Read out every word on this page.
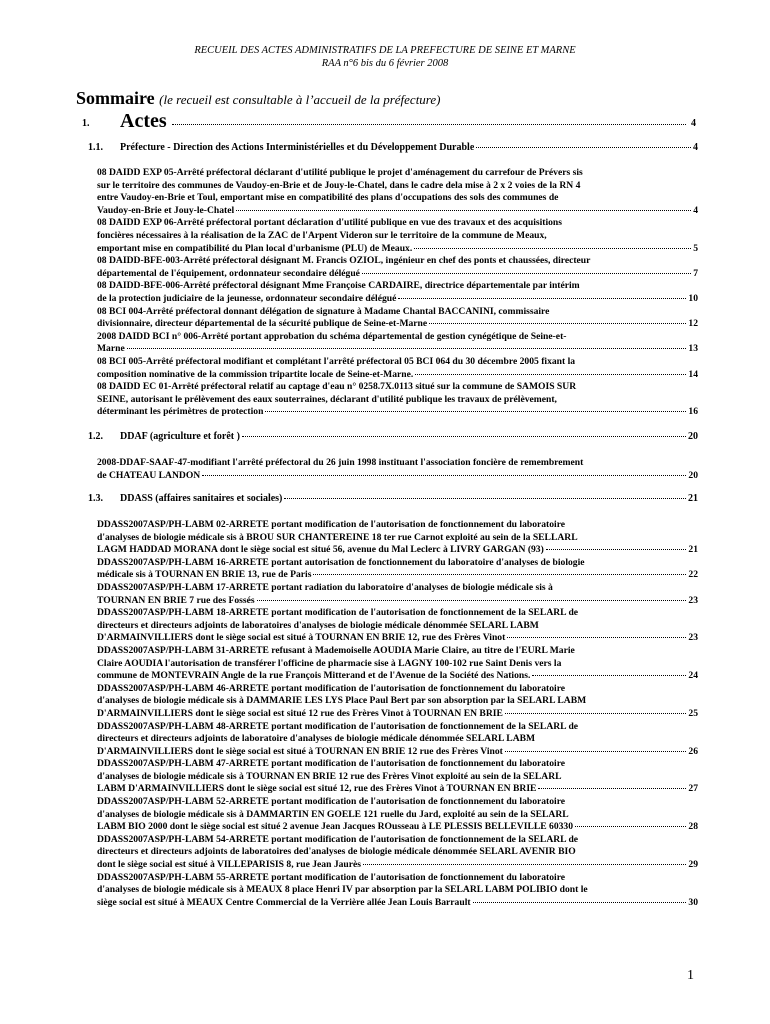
RECUEIL DES ACTES ADMINISTRATIFS DE LA PREFECTURE DE SEINE ET MARNE
RAA n°6 bis du 6 février 2008
Sommaire (le recueil est consultable à l’accueil de la préfecture)
1. Actes	4
1.1.	Préfecture - Direction des Actions Interministérielles et du Développement Durable	4
08 DAIDD EXP 05-Arrêté préfectoral déclarant d'utilité publique le projet d'aménagement du carrefour de Prévers sis
sur le territoire des communes de Vaudoy-en-Brie et de Jouy-le-Chatel, dans le cadre dela mise à 2 x 2 voies de la RN 4
entre Vaudoy-en-Brie et Toul, emportant mise en compatibilité des plans d'occupations des sols des communes de
Vaudoy-en-Brie et Jouy-le-Chatel	4
08 DAIDD EXP 06-Arrêté préfectoral portant déclaration d'utilité publique en vue des travaux et des acquisitions
foncières nécessaires à la réalisation de la ZAC de l'Arpent Videron sur le territoire de la commune de Meaux,
emportant mise en compatibilité du Plan local d'urbanisme (PLU) de Meaux.	5
08 DAIDD-BFE-003-Arrêté préfectoral désignant M. Francis OZIOL, ingénieur en chef des ponts et chaussées, directeur
départemental de l'équipement, ordonnateur secondaire délégué	7
08 DAIDD-BFE-006-Arrêté préfectoral désignant Mme Françoise CARDAIRE, directrice départementale par intérim
de la protection judiciaire de la jeunesse, ordonnateur secondaire délégué	10
08 BCI 004-Arrêté préfectoral donnant délégation de signature à Madame Chantal BACCANINI, commissaire
divisionnaire, directeur départemental de la sécurité publique de Seine-et-Marne	12
2008 DAIDD BCI n° 006-Arrêté portant approbation du schéma départemental de gestion cynégétique de Seine-et-
Marne	13
08 BCI 005-Arrêté préfectoral modifiant et complétant l'arrêté préfectoral 05 BCI 064 du 30 décembre 2005 fixant la
composition nominative de la commission tripartite locale de Seine-et-Marne.	14
08 DAIDD EC 01-Arrêté préfectoral relatif au captage d'eau n° 0258.7X.0113 situé sur la commune de SAMOIS SUR
SEINE, autorisant le prélèvement des eaux souterraines, déclarant d'utilité publique les travaux de prélèvement,
déterminant les périmètres de protection	16
1.2.	DDAF (agriculture et forêt )	20
2008-DDAF-SAAF-47-modifiant l'arrêté préfectoral du 26 juin 1998 instituant l'association foncière de remembrement
de CHATEAU LANDON	20
1.3.	DDASS (affaires sanitaires et sociales)	21
DDASS2007ASP/PH-LABM 02-ARRETE portant modification de l'autorisation de fonctionnement du laboratoire
d'analyses de biologie médicale sis à BROU SUR CHANTEREINE 18 ter rue Carnot exploité au sein de la SELLARL
LAGM HADDAD MORANA dont le siège social est situé 56, avenue du Mal Leclerc à LIVRY GARGAN (93)	21
DDASS2007ASP/PH-LABM 16-ARRETE portant autorisation de fonctionnement du laboratoire d'analyses de biologie
médicale sis à TOURNAN EN BRIE 13, rue de Paris	22
DDASS2007ASP/PH-LABM 17-ARRETE portant radiation du laboratoire d'analyses de biologie médicale sis à
TOURNAN EN BRIE 7 rue des Fossés	23
DDASS2007ASP/PH-LABM 18-ARRETE portant modification de l'autorisation de fonctionnement de la SELARL de
directeurs et directeurs adjoints de laboratoires d'analyses de biologie médicale dénommée SELARL LABM
D'ARMAINVILLIERS dont le siège social est situé à TOURNAN EN BRIE 12, rue des Frères Vinot	23
DDASS2007ASP/PH-LABM 31-ARRETE refusant à Mademoiselle AOUDIA Marie Claire, au titre de l'EURL Marie
Claire AOUDIA l'autorisation de transférer l'officine de pharmacie sise à LAGNY 100-102 rue Saint Denis vers la
commune de MONTEVRAIN Angle de la rue François Mitterand et de l'Avenue de la Société des Nations.	24
DDASS2007ASP/PH-LABM 46-ARRETE portant modification de l'autorisation de fonctionnement du laboratoire
d'analyses de biologie médicale sis à DAMMARIE LES LYS Place Paul Bert par son absorption par la SELARL LABM
D'ARMAINVILLIERS dont le siège social est situé 12 rue des Frères Vinot à TOURNAN EN BRIE	25
DDASS2007ASP/PH-LABM 48-ARRETE portant modification de l'autorisation de fonctionnement de la SELARL de
directeurs et directeurs adjoints de laboratoire d'analyses de biologie médicale dénommée SELARL LABM
D'ARMAINVILLIERS dont le siège social est situé à TOURNAN EN BRIE 12 rue des Frères Vinot	26
DDASS2007ASP/PH-LABM 47-ARRETE portant modification de l'autorisation de fonctionnement du laboratoire
d'analyses de biologie médicale sis à TOURNAN EN BRIE 12 rue des Frères Vinot exploité au sein de la SELARL
LABM D'ARMAINVILLIERS dont le siège social est situé 12, rue des Frères Vinot à TOURNAN EN BRIE	27
DDASS2007ASP/PH-LABM 52-ARRETE portant modification de l'autorisation de fonctionnement du laboratoire
d'analyses de biologie médicale sis à DAMMARTIN EN GOELE 121 ruelle du Jard, exploité au sein de la SELARL
LABM BIO 2000 dont le siège social est situé 2 avenue Jean Jacques ROusseau à LE PLESSIS BELLEVILLE 60330	28
DDASS2007ASP/PH-LABM 54-ARRETE portant modification de l'autorisation de fonctionnement de la SELARL de
directeurs et directeurs adjoints de laboratoires ded'analyses de biologie médicale dénommée SELARL AVENIR BIO
dont le siège social est situé à VILLEPARISIS 8, rue Jean Jaurès	29
DDASS2007ASP/PH-LABM 55-ARRETE portant modification de l'autorisation de fonctionnement du laboratoire
d'analyses de biologie médicale sis à MEAUX 8 place Henri IV par absorption par la SELARL LABM POLIBIO dont le
siège social est situé à MEAUX Centre Commercial de la Verrière allée Jean Louis Barrault	30
1
